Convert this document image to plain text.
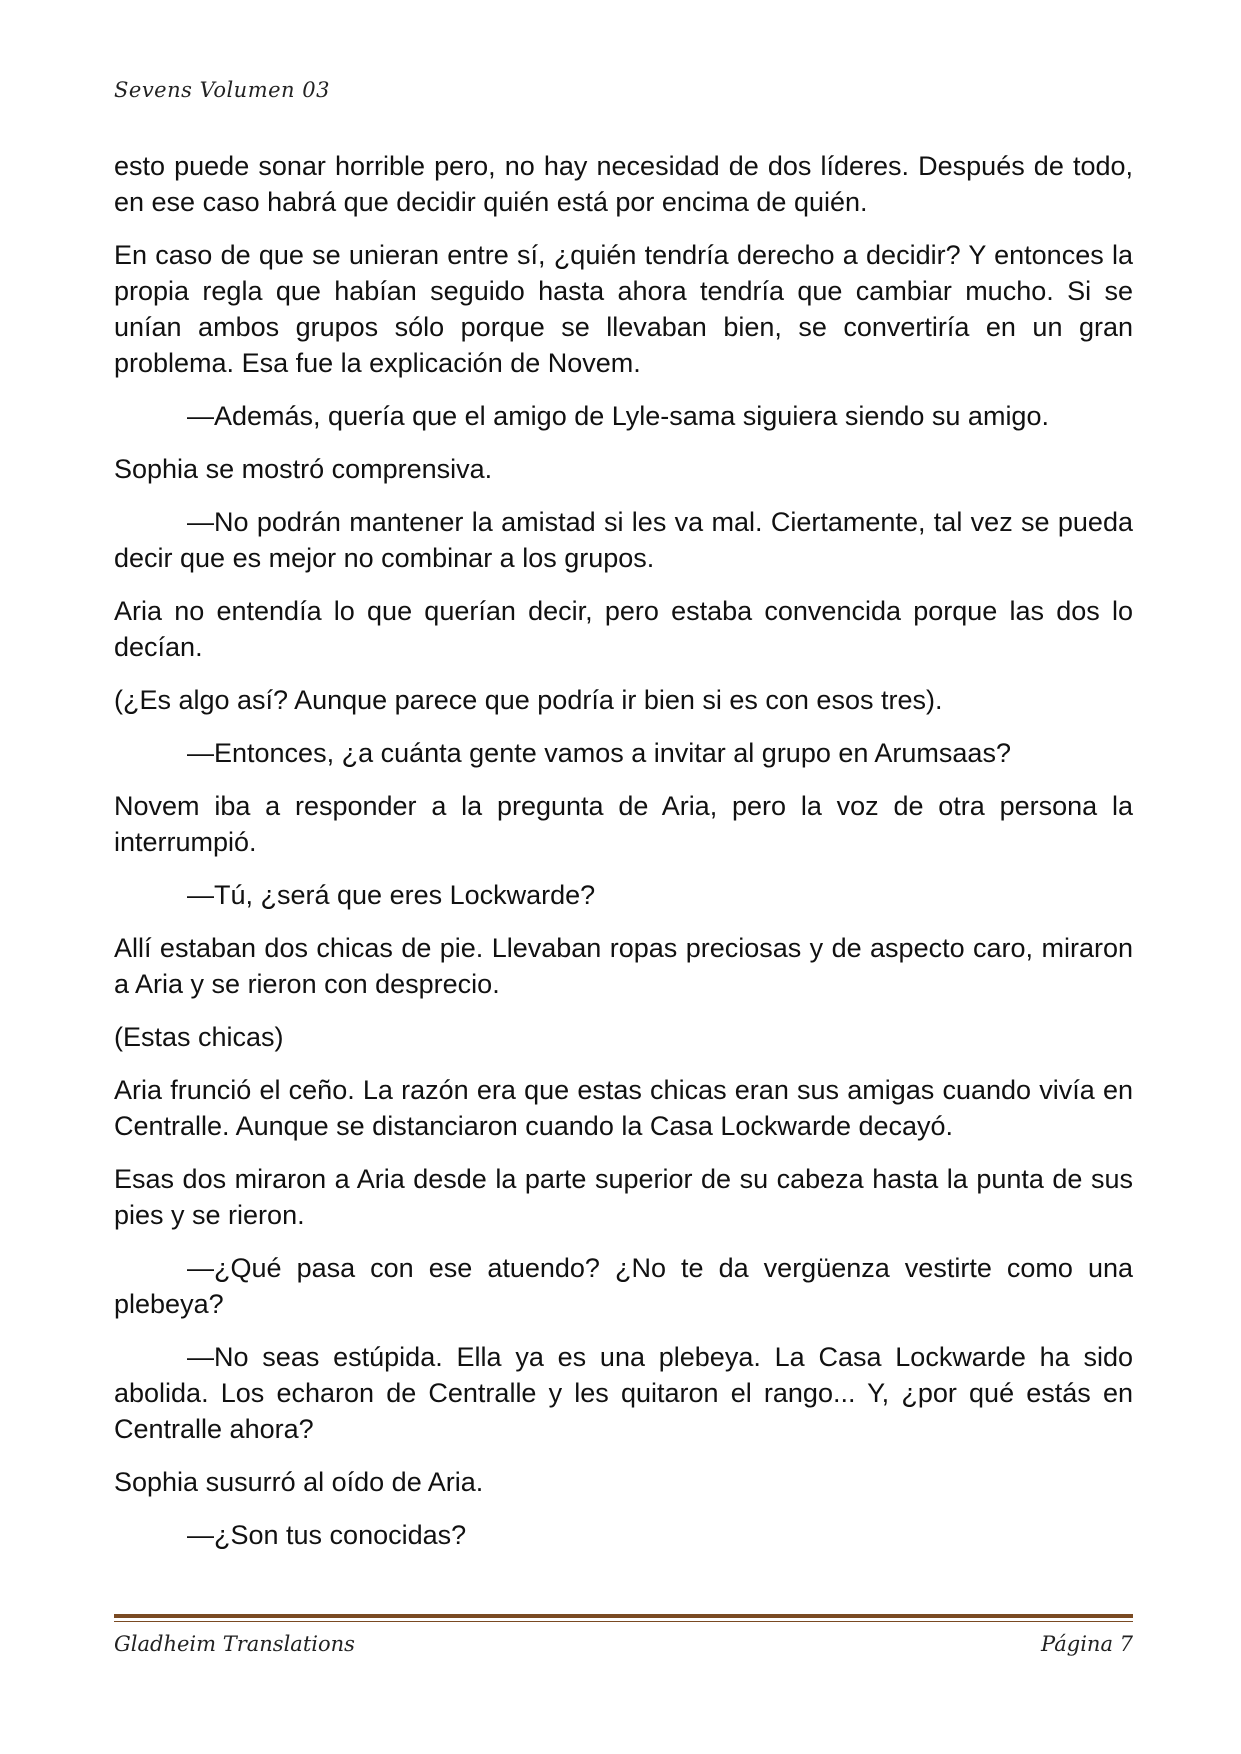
Sevens Volumen 03

esto puede sonar horrible pero, no hay necesidad de dos líderes. Después de todo, en ese caso habrá que decidir quién está por encima de quién.

En caso de que se unieran entre sí, ¿quién tendría derecho a decidir? Y entonces la propia regla que habían seguido hasta ahora tendría que cambiar mucho. Si se unían ambos grupos sólo porque se llevaban bien, se convertiría en un gran problema. Esa fue la explicación de Novem.

—Además, quería que el amigo de Lyle-sama siguiera siendo su amigo.

Sophia se mostró comprensiva.

—No podrán mantener la amistad si les va mal. Ciertamente, tal vez se pueda decir que es mejor no combinar a los grupos.

Aria no entendía lo que querían decir, pero estaba convencida porque las dos lo decían.

(¿Es algo así? Aunque parece que podría ir bien si es con esos tres).

—Entonces, ¿a cuánta gente vamos a invitar al grupo en Arumsaas?

Novem iba a responder a la pregunta de Aria, pero la voz de otra persona la interrumpió.

—Tú, ¿será que eres Lockwarde?

Allí estaban dos chicas de pie. Llevaban ropas preciosas y de aspecto caro, miraron a Aria y se rieron con desprecio.

(Estas chicas)

Aria frunció el ceño. La razón era que estas chicas eran sus amigas cuando vivía en Centralle. Aunque se distanciaron cuando la Casa Lockwarde decayó.

Esas dos miraron a Aria desde la parte superior de su cabeza hasta la punta de sus pies y se rieron.

—¿Qué pasa con ese atuendo? ¿No te da vergüenza vestirte como una plebeya?

—No seas estúpida. Ella ya es una plebeya. La Casa Lockwarde ha sido abolida. Los echaron de Centralle y les quitaron el rango... Y, ¿por qué estás en Centralle ahora?

Sophia susurró al oído de Aria.

—¿Son tus conocidas?

Gladheim Translations	Página 7
